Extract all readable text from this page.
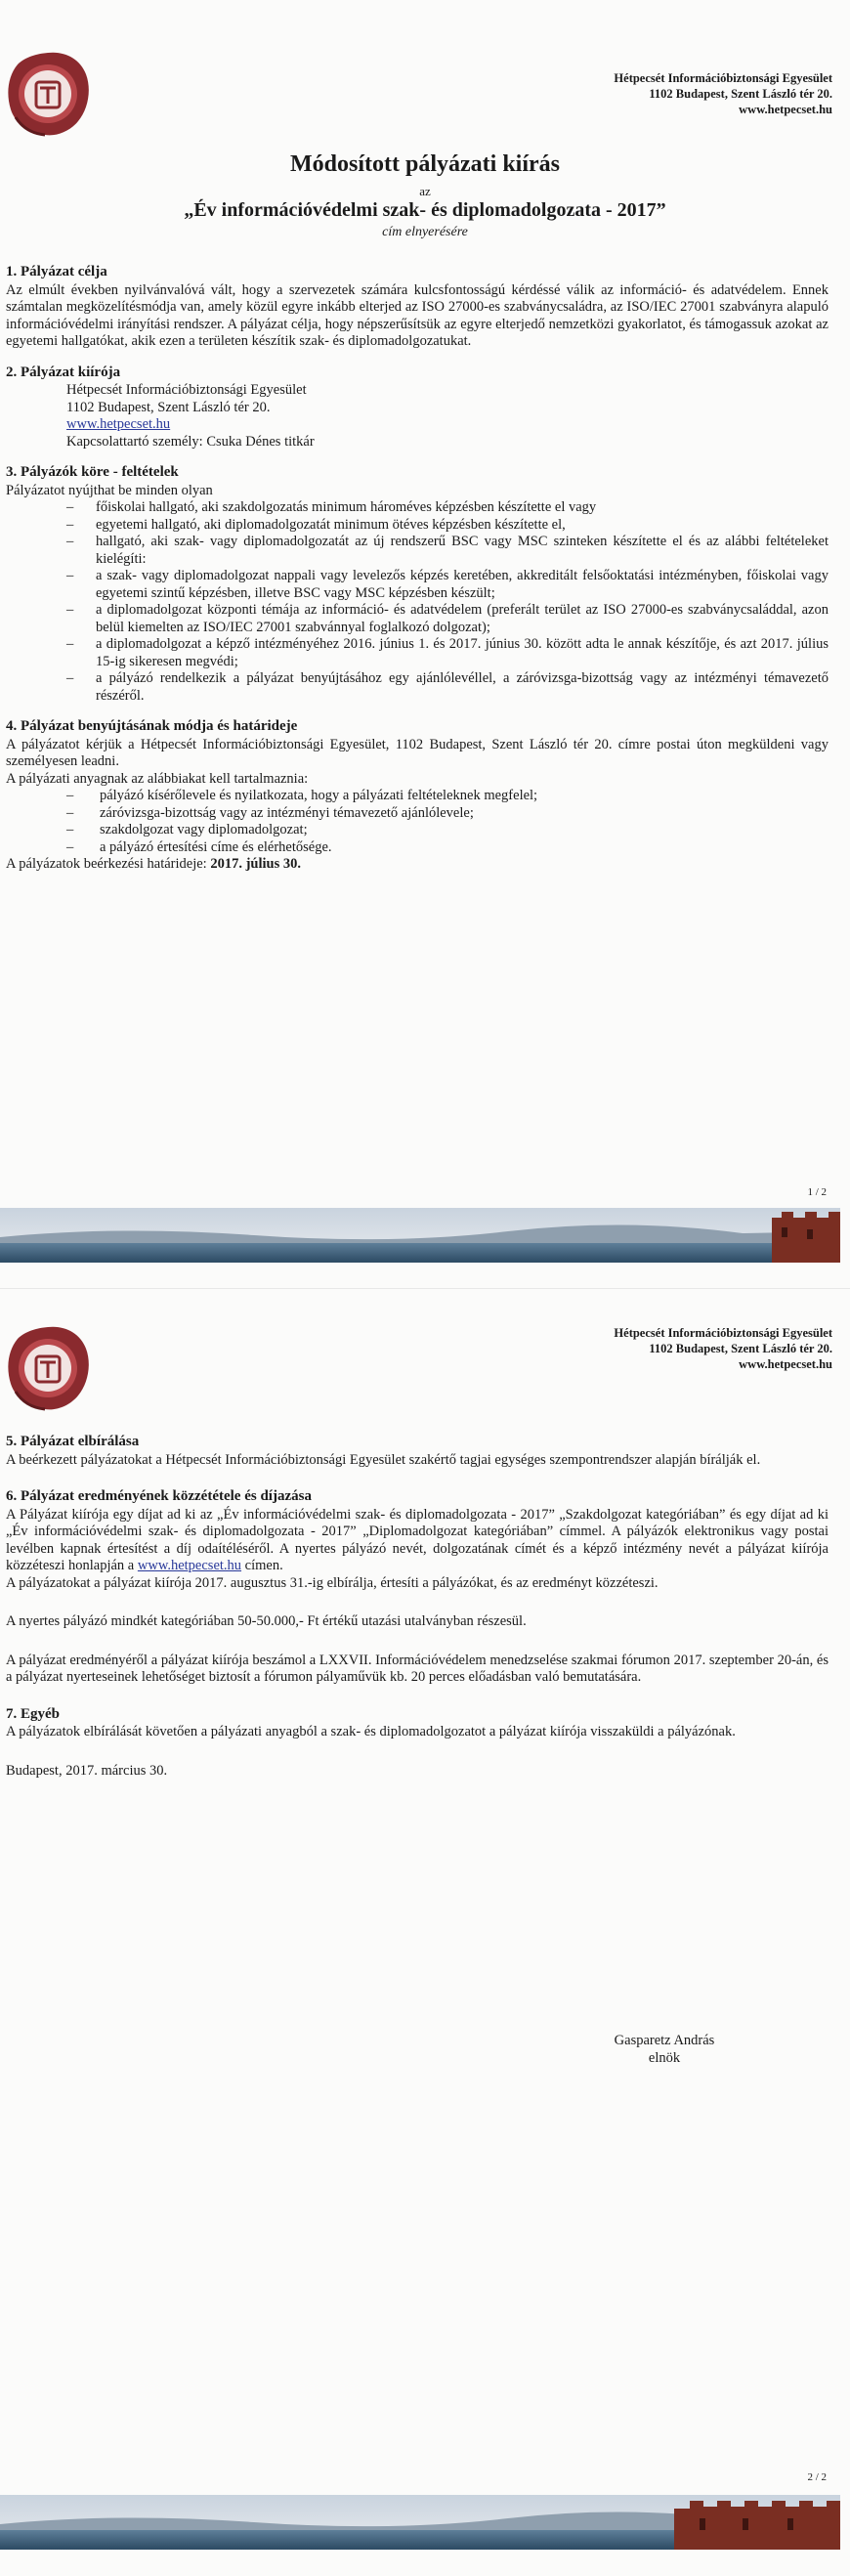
Hétpecsét Információbiztonsági Egyesület
1102 Budapest, Szent László tér 20.
www.hetpecset.hu
Módosított pályázati kiírás
az
„Év információvédelmi szak- és diplomadolgozata - 2017”
cím elnyerésére
1. Pályázat célja

Az elmúlt években nyilvánvalóvá vált, hogy a szervezetek számára kulcsfontosságú kérdéssé válik az információ- és adatvédelem. Ennek számtalan megközelítésmódja van, amely közül egyre inkább elterjed az ISO 27000-es szabványcsaládra, az ISO/IEC 27001 szabványra alapuló információvédelmi irányítási rendszer. A pályázat célja, hogy népszerűsítsük az egyre elterjedő nemzetközi gyakorlatot, és támogassuk azokat az egyetemi hallgatókat, akik ezen a területen készítik szak- és diplomadolgozatukat.

2. Pályázat kiírója
Hétpecsét Információbiztonsági Egyesület
1102 Budapest, Szent László tér 20.
www.hetpecset.hu
Kapcsolattartó személy: Csuka Dénes titkár
3. Pályázók köre - feltételek
Pályázatot nyújthat be minden olyan
– főiskolai hallgató, aki szakdolgozatás minimum hároméves képzésben készítette el vagy
– egyetemi hallgató, aki diplomadolgozatát minimum ötéves képzésben készítette el,
– hallgató, aki szak- vagy diplomadolgozatát az új rendszerű BSC vagy MSC szinteken készítette el és az alábbi feltételeket kielégíti:
– a szak- vagy diplomadolgozat nappali vagy levelezős képzés keretében, akkreditált felsőoktatási intézményben, főiskolai vagy egyetemi szintű képzésben, illetve BSC vagy MSC képzésben készült;
– a diplomadolgozat központi témája az információ- és adatvédelem (preferált terület az ISO 27000-es szabványcsaláddal, azon belül kiemelten az ISO/IEC 27001 szabvánnyal foglalkozó dolgozat);
– a diplomadolgozat a képző intézményéhez 2016. június 1. és 2017. június 30. között adta le annak készítője, és azt 2017. július 15-ig sikeresen megvédi;
– a pályázó rendelkezik a pályázat benyújtásához egy ajánlólevéllel, a záróvizsga-bizottság vagy az intézményi témavezető részéről.
4. Pályázat benyújtásának módja és határideje

A pályázatot kérjük a Hétpecsét Információbiztonsági Egyesület, 1102 Budapest, Szent László tér 20. címre postai úton megküldeni vagy személyesen leadni.

A pályázati anyagnak az alábbiakat kell tartalmaznia:

– pályázó kísérőlevele és nyilatkozata, hogy a pályázati feltételeknek megfelel;
– záróvizsga-bizottság vagy az intézményi témavezető ajánlólevele;
– szakdolgozat vagy diplomadolgozat;
– a pályázó értesítési címe és elérhetősége.

A pályázatok beérkezési határideje: 2017. július 30.

1 / 2
Hétpecsét Információbiztonsági Egyesület
1102 Budapest, Szent László tér 20.
www.hetpecset.hu
5. Pályázat elbírálása

A beérkezett pályázatokat a Hétpecsét Információbiztonsági Egyesület szakértő tagjai egységes szempontrendszer alapján bírálják el.

6. Pályázat eredményének közzététele és díjazása

A Pályázat kiírója egy díjat ad ki az „Év információvédelmi szak- és diplomadolgozata - 2017” „Szakdolgozat kategóriában” és egy díjat ad ki „Év információvédelmi szak- és diplomadolgozata - 2017” „Diplomadolgozat kategóriában” címmel. A pályázók elektronikus vagy postai levélben kapnak értesítést a díj odaítéléséről. A nyertes pályázó nevét, dolgozatának címét és a képző intézmény nevét a pályázat kiírója közzéteszi honlapján a www.hetpecset.hu címen.

A pályázatokat a pályázat kiírója 2017. augusztus 31.-ig elbírálja, értesíti a pályázókat, és az eredményt közzéteszi.

A nyertes pályázó mindkét kategóriában 50-50.000,- Ft értékű utazási utalványban részesül.

A pályázat eredményéről a pályázat kiírója beszámol a LXXVII. Információvédelem menedzselése szakmai fórumon 2017. szeptember 20-án, és a pályázat nyerteseinek lehetőséget biztosít a fórumon pályaművük kb. 20 perces előadásban való bemutatására.

7. Egyéb

A pályázatok elbírálását követően a pályázati anyagból a szak- és diplomadolgozatot a pályázat kiírója visszaküldi a pályázónak.

Budapest, 2017. március 30.

Gasparetz András
elnök
2 / 2
